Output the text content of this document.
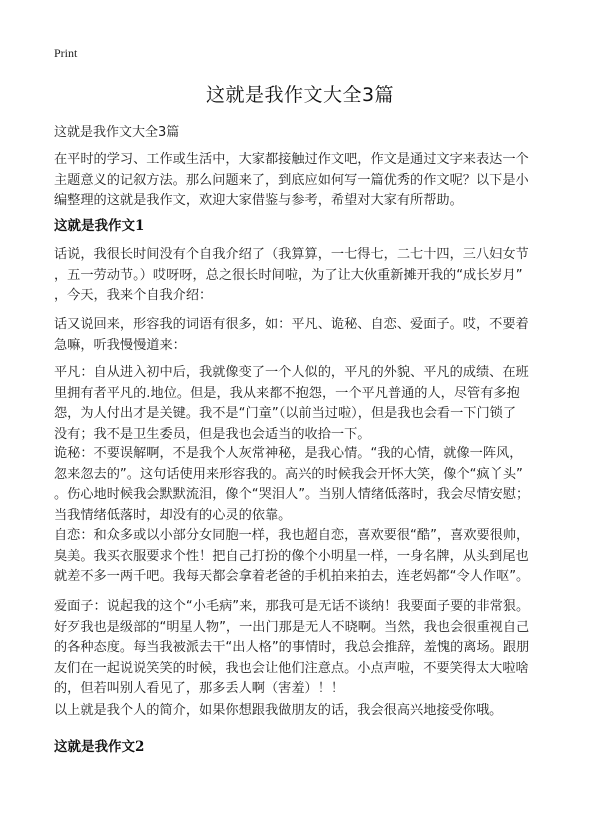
Print
这就是我作文大全3篇
这就是我作文大全3篇
在平时的学习、工作或生活中，大家都接触过作文吧，作文是通过文字来表达一个
主题意义的记叙方法。那么问题来了，到底应如何写一篇优秀的作文呢？以下是小
编整理的这就是我作文，欢迎大家借鉴与参考，希望对大家有所帮助。
这就是我作文1
话说，我很长时间没有个自我介绍了（我算算，一七得七，二七十四，三八妇女节
，五一劳动节。）哎呀呀，总之很长时间啦，为了让大伙重新摊开我的“成长岁月”
，今天，我来个自我介绍：
话又说回来，形容我的词语有很多，如：平凡、诡秘、自恋、爱面子。哎，不要着
急嘛，听我慢慢道来：
平凡：自从进入初中后，我就像变了一个人似的，平凡的外貌、平凡的成绩、在班
里拥有者平凡的.地位。但是，我从来都不抱怨，一个平凡普通的人，尽管有多抱
怨，为人付出才是关键。我不是“门童”（以前当过啦），但是我也会看一下门锁了
没有；我不是卫生委员，但是我也会适当的收拾一下。
诡秘：不要误解啊，不是我个人灰常神秘，是我心情。“我的心情，就像一阵风，
忽来忽去的”。这句话使用来形容我的。高兴的时候我会开怀大笑，像个“疯丫头”
。伤心地时候我会默默流泪，像个“哭泪人”。当别人情绪低落时，我会尽情安慰；
当我情绪低落时，却没有的心灵的依靠。
自恋：和众多或以小部分女同胞一样，我也超自恋，喜欢要很“酷”，喜欢要很帅，
臭美。我买衣服要求个性！把自己打扮的像个小明星一样，一身名牌，从头到尾也
就差不多一两千吧。我每天都会拿着老爸的手机拍来拍去，连老妈都“令人作呕”。
爱面子：说起我的这个“小毛病”来，那我可是无话不谈纳！我要面子要的非常狠。
好歹我也是级部的“明星人物”，一出门那是无人不晓啊。当然，我也会很重视自己
的各种态度。每当我被派去干“出人格”的事情时，我总会推辞，羞愧的离场。跟朋
友们在一起说说笑笑的时候，我也会让他们注意点。小点声啦，不要笑得太大啦啥
的，但若叫别人看见了，那多丢人啊（害羞）！！
以上就是我个人的简介，如果你想跟我做朋友的话，我会很高兴地接受你哦。
这就是我作文2
